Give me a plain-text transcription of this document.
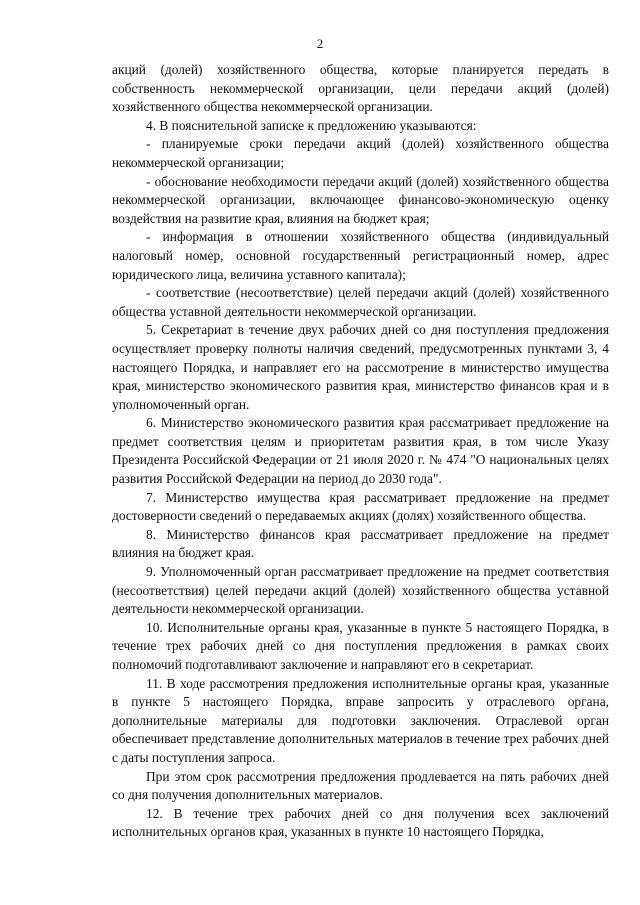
2

акций (долей) хозяйственного общества, которые планируется передать в собственность некоммерческой организации, цели передачи акций (долей) хозяйственного общества некоммерческой организации.

4. В пояснительной записке к предложению указываются:

- планируемые сроки передачи акций (долей) хозяйственного общества некоммерческой организации;

- обоснование необходимости передачи акций (долей) хозяйственного общества некоммерческой организации, включающее финансово-экономическую оценку воздействия на развитие края, влияния на бюджет края;

- информация в отношении хозяйственного общества (индивидуальный налоговый номер, основной государственный регистрационный номер, адрес юридического лица, величина уставного капитала);

- соответствие (несоответствие) целей передачи акций (долей) хозяйственного общества уставной деятельности некоммерческой организации.

5. Секретариат в течение двух рабочих дней со дня поступления предложения осуществляет проверку полноты наличия сведений, предусмотренных пунктами 3, 4 настоящего Порядка, и направляет его на рассмотрение в министерство имущества края, министерство экономического развития края, министерство финансов края и в уполномоченный орган.

6. Министерство экономического развития края рассматривает предложение на предмет соответствия целям и приоритетам развития края, в том числе Указу Президента Российской Федерации от 21 июля 2020 г. № 474 "О национальных целях развития Российской Федерации на период до 2030 года".

7. Министерство имущества края рассматривает предложение на предмет достоверности сведений о передаваемых акциях (долях) хозяйственного общества.

8. Министерство финансов края рассматривает предложение на предмет влияния на бюджет края.

9. Уполномоченный орган рассматривает предложение на предмет соответствия (несоответствия) целей передачи акций (долей) хозяйственного общества уставной деятельности некоммерческой организации.

10. Исполнительные органы края, указанные в пункте 5 настоящего Порядка, в течение трех рабочих дней со дня поступления предложения в рамках своих полномочий подготавливают заключение и направляют его в секретариат.

11. В ходе рассмотрения предложения исполнительные органы края, указанные в пункте 5 настоящего Порядка, вправе запросить у отраслевого органа, дополнительные материалы для подготовки заключения. Отраслевой орган обеспечивает представление дополнительных материалов в течение трех рабочих дней с даты поступления запроса.

При этом срок рассмотрения предложения продлевается на пять рабочих дней со дня получения дополнительных материалов.

12. В течение трех рабочих дней со дня получения всех заключений исполнительных органов края, указанных в пункте 10 настоящего Порядка,
